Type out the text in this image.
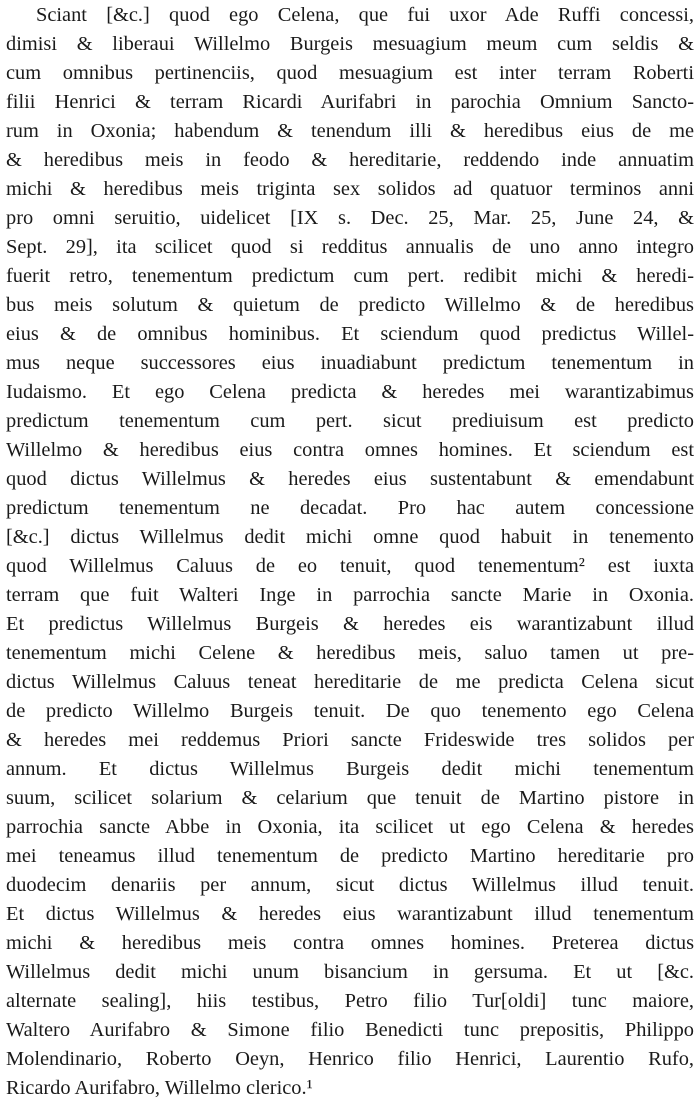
Sciant [&c.] quod ego Celena, que fui uxor Ade Ruffi concessi,
dimisi & liberaui Willelmo Burgeis mesuagium meum cum seldis &
cum omnibus pertinenciis, quod mesuagium est inter terram Roberti
filii Henrici & terram Ricardi Aurifabri in parochia Omnium Sancto-
rum in Oxonia; habendum & tenendum illi & heredibus eius de me
& heredibus meis in feodo & hereditarie, reddendo inde annuatim
michi & heredibus meis triginta sex solidos ad quatuor terminos anni
pro omni seruitio, uidelicet [IX s. Dec. 25, Mar. 25, June 24, &
Sept. 29], ita scilicet quod si redditus annualis de uno anno integro
fuerit retro, tenementum predictum cum pert. redibit michi & heredi-
bus meis solutum & quietum de predicto Willelmo & de heredibus
eius & de omnibus hominibus. Et sciendum quod predictus Willel-
mus neque successores eius inuadiabunt predictum tenementum in
Iudaismo. Et ego Celena predicta & heredes mei warantizabimus
predictum tenementum cum pert. sicut prediuisum est predicto
Willelmo & heredibus eius contra omnes homines. Et sciendum est
quod dictus Willelmus & heredes eius sustentabunt & emendabunt
predictum tenementum ne decadat. Pro hac autem concessione
[&c.] dictus Willelmus dedit michi omne quod habuit in tenemento
quod Willelmus Caluus de eo tenuit, quod tenementum² est iuxta
terram que fuit Walteri Inge in parrochia sancte Marie in Oxonia.
Et predictus Willelmus Burgeis & heredes eis warantizabunt illud
tenementum michi Celene & heredibus meis, saluo tamen ut pre-
dictus Willelmus Caluus teneat hereditarie de me predicta Celena sicut
de predicto Willelmo Burgeis tenuit. De quo tenemento ego Celena
& heredes mei reddemus Priori sancte Frideswide tres solidos per
annum. Et dictus Willelmus Burgeis dedit michi tenementum
suum, scilicet solarium & celarium que tenuit de Martino pistore in
parrochia sancte Abbe in Oxonia, ita scilicet ut ego Celena & heredes
mei teneamus illud tenementum de predicto Martino hereditarie pro
duodecim denariis per annum, sicut dictus Willelmus illud tenuit.
Et dictus Willelmus & heredes eius warantizabunt illud tenementum
michi & heredibus meis contra omnes homines. Preterea dictus
Willelmus dedit michi unum bisancium in gersuma. Et ut [&c.
alternate sealing], hiis testibus, Petro filio Tur[oldi] tunc maiore,
Waltero Aurifabro & Simone filio Benedicti tunc prepositis, Philippo
Molendinario, Roberto Oeyn, Henrico filio Henrici, Laurentio Rufo,
Ricardo Aurifabro, Willelmo clerico.¹
